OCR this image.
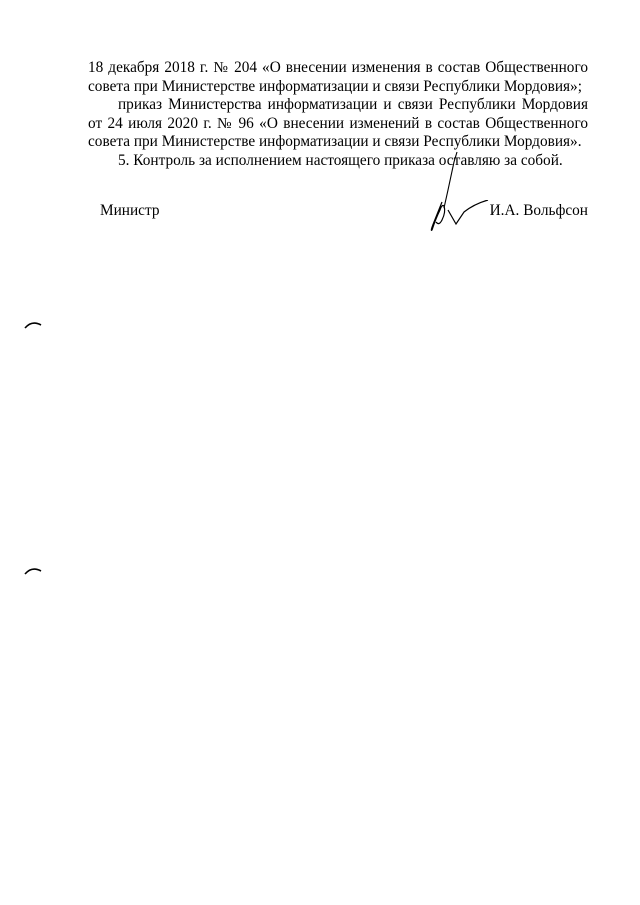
18 декабря 2018 г. № 204 «О внесении изменения в состав Общественного совета при Министерстве информатизации и связи Республики Мордовия»;

приказ Министерства информатизации и связи Республики Мордовия от 24 июля 2020 г. № 96 «О внесении изменений в состав Общественного совета при Министерстве информатизации и связи Республики Мордовия».

5. Контроль за исполнением настоящего приказа оставляю за собой.

Министр	И.А. Вольфсон
